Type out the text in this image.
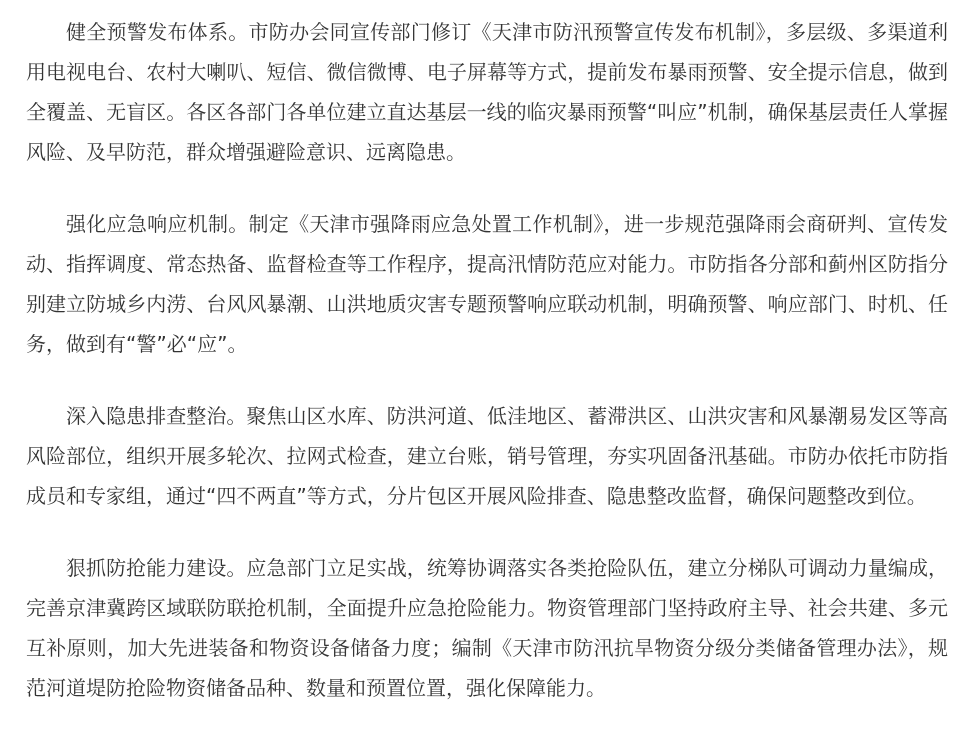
健全预警发布体系。市防办会同宣传部门修订《天津市防汛预警宣传发布机制》，多层级、多渠道利用电视电台、农村大喇叭、短信、微信微博、电子屏幕等方式，提前发布暴雨预警、安全提示信息，做到全覆盖、无盲区。各区各部门各单位建立直达基层一线的临灾暴雨预警“叫应”机制，确保基层责任人掌握风险、及早防范，群众增强避险意识、远离隐患。

强化应急响应机制。制定《天津市强降雨应急处置工作机制》，进一步规范强降雨会商研判、宣传发动、指挥调度、常态热备、监督检查等工作程序，提高汛情防范应对能力。市防指各分部和蓟州区防指分别建立防城乡内涝、台风风暴潮、山洪地质灾害专题预警响应联动机制，明确预警、响应部门、时机、任务，做到有“警”必“应”。

深入隐患排查整治。聚焦山区水库、防洪河道、低洼地区、蓄滞洪区、山洪灾害和风暴潮易发区等高风险部位，组织开展多轮次、拉网式检查，建立台账，销号管理，夯实巩固备汛基础。市防办依托市防指成员和专家组，通过“四不两直”等方式，分片包区开展风险排查、隐患整改监督，确保问题整改到位。

狠抓防抢能力建设。应急部门立足实战，统筹协调落实各类抢险队伍，建立分梯队可调动力量编成，完善京津冀跨区域联防联抢机制，全面提升应急抢险能力。物资管理部门坚持政府主导、社会共建、多元互补原则，加大先进装备和物资设备储备力度；编制《天津市防汛抗旱物资分级分类储备管理办法》，规范河道堤防抢险物资储备品种、数量和预置位置，强化保障能力。
